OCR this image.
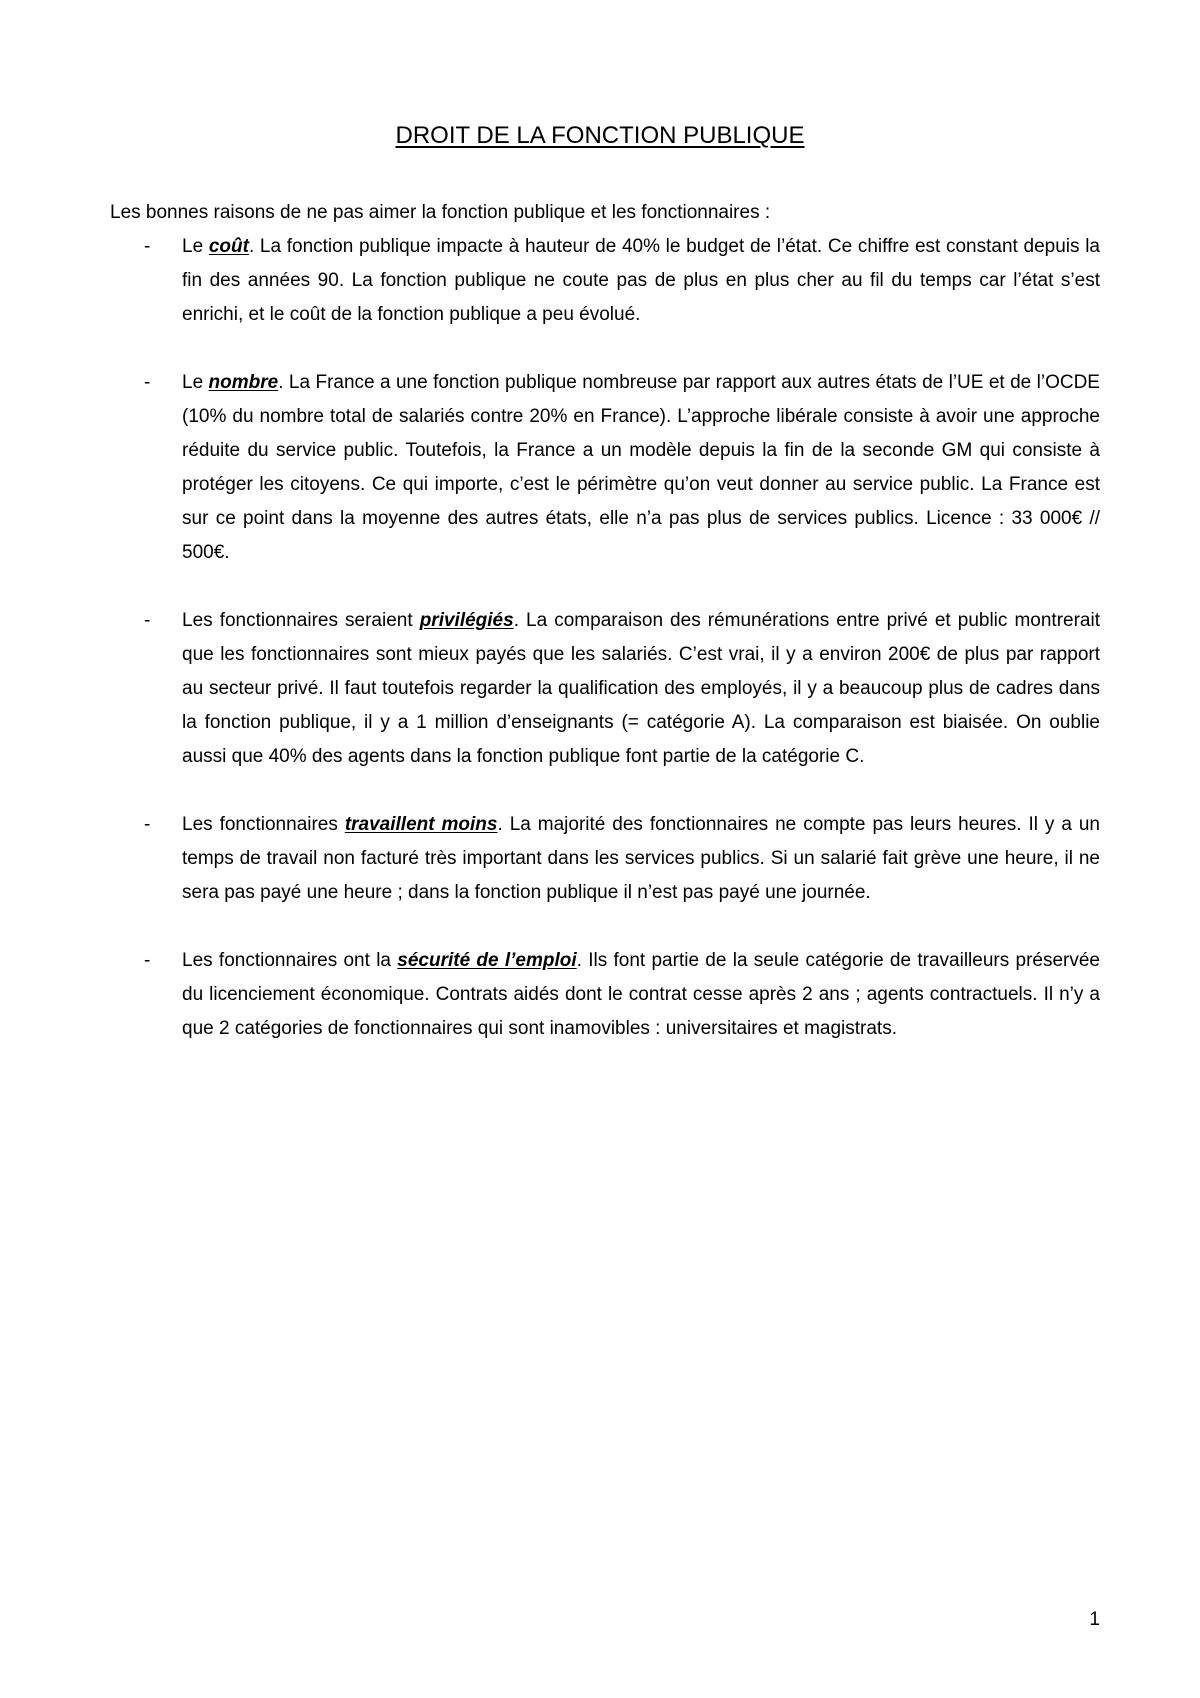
DROIT DE LA FONCTION PUBLIQUE

Les bonnes raisons de ne pas aimer la fonction publique et les fonctionnaires :

- Le coût. La fonction publique impacte à hauteur de 40% le budget de l’état. Ce chiffre est constant depuis la fin des années 90. La fonction publique ne coute pas de plus en plus cher au fil du temps car l’état s’est enrichi, et le coût de la fonction publique a peu évolué.

- Le nombre. La France a une fonction publique nombreuse par rapport aux autres états de l’UE et de l’OCDE (10% du nombre total de salariés contre 20% en France). L’approche libérale consiste à avoir une approche réduite du service public. Toutefois, la France a un modèle depuis la fin de la seconde GM qui consiste à protéger les citoyens. Ce qui importe, c’est le périmètre qu’on veut donner au service public. La France est sur ce point dans la moyenne des autres états, elle n’a pas plus de services publics. Licence : 33 000€ // 500€.

- Les fonctionnaires seraient privilégiés. La comparaison des rémunérations entre privé et public montrerait que les fonctionnaires sont mieux payés que les salariés. C’est vrai, il y a environ 200€ de plus par rapport au secteur privé. Il faut toutefois regarder la qualification des employés, il y a beaucoup plus de cadres dans la fonction publique, il y a 1 million d’enseignants (= catégorie A). La comparaison est biaisée. On oublie aussi que 40% des agents dans la fonction publique font partie de la catégorie C.

- Les fonctionnaires travaillent moins. La majorité des fonctionnaires ne compte pas leurs heures. Il y a un temps de travail non facturé très important dans les services publics. Si un salarié fait grève une heure, il ne sera pas payé une heure ; dans la fonction publique il n’est pas payé une journée.

- Les fonctionnaires ont la sécurité de l’emploi. Ils font partie de la seule catégorie de travailleurs préservée du licenciement économique. Contrats aidés dont le contrat cesse après 2 ans ; agents contractuels. Il n’y a que 2 catégories de fonctionnaires qui sont inamovibles : universitaires et magistrats.

1
